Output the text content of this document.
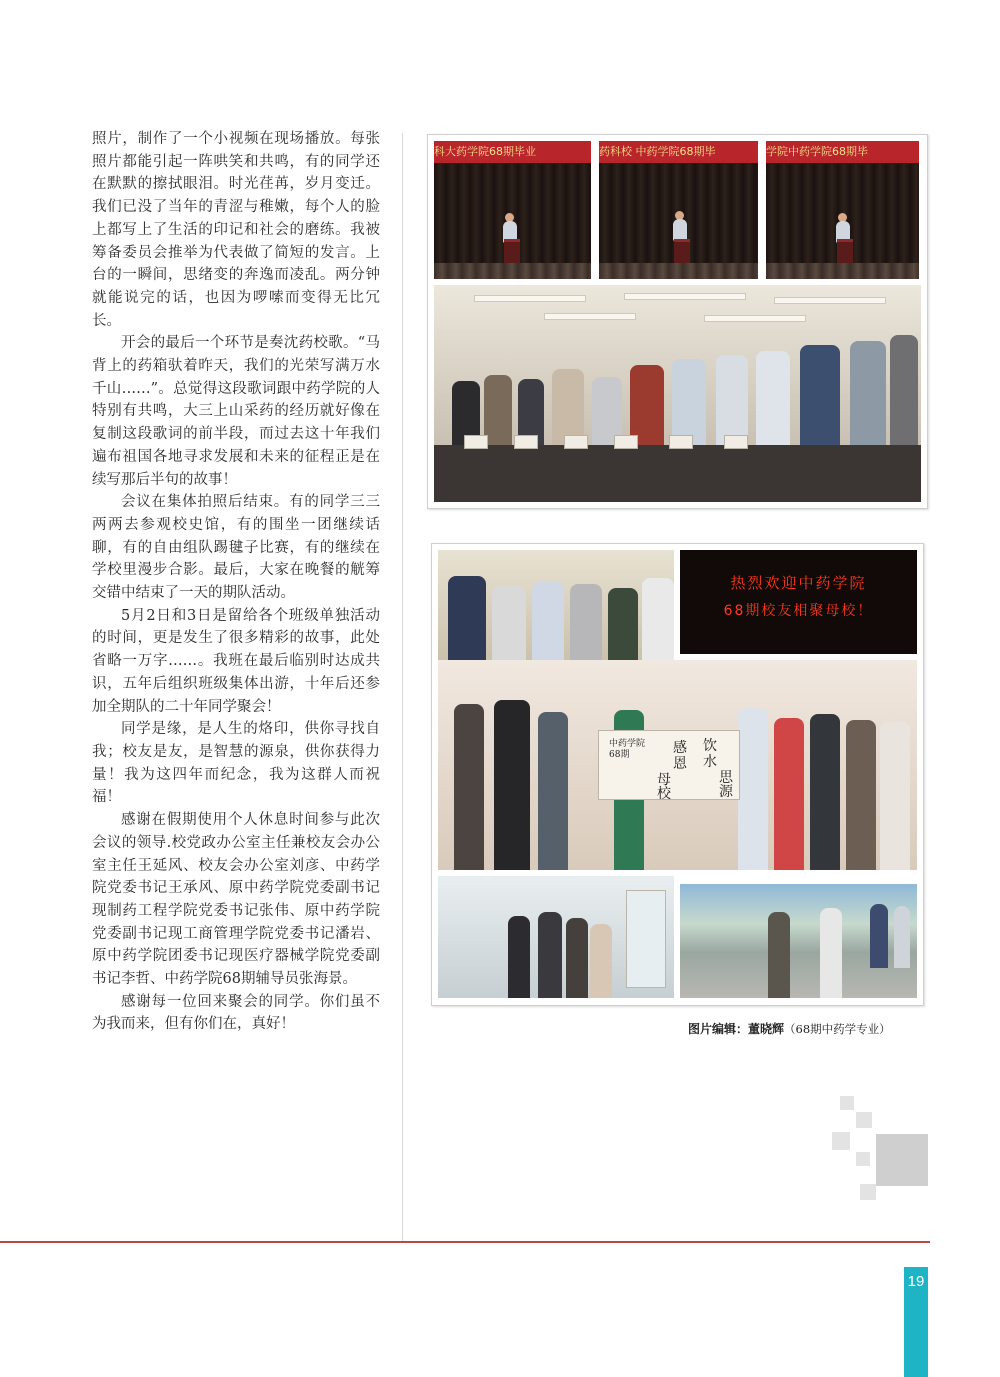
照片，制作了一个小视频在现场播放。每张照片都能引起一阵哄笑和共鸣，有的同学还在默默的擦拭眼泪。时光荏苒，岁月变迁。我们已没了当年的青涩与稚嫩，每个人的脸上都写上了生活的印记和社会的磨练。我被筹备委员会推举为代表做了简短的发言。上台的一瞬间，思绪变的奔逸而凌乱。两分钟就能说完的话，也因为啰嗦而变得无比冗长。

开会的最后一个环节是奏沈药校歌。“马背上的药箱驮着昨天，我们的光荣写满万水千山……”。总觉得这段歌词跟中药学院的人特别有共鸣，大三上山采药的经历就好像在复制这段歌词的前半段，而过去这十年我们遍布祖国各地寻求发展和未来的征程正是在续写那后半句的故事！

会议在集体拍照后结束。有的同学三三两两去参观校史馆，有的围坐一团继续话聊，有的自由组队踢毽子比赛，有的继续在学校里漫步合影。最后，大家在晚餐的觥筹交错中结束了一天的期队活动。

5月2日和3日是留给各个班级单独活动的时间，更是发生了很多精彩的故事，此处省略一万字……。我班在最后临别时达成共识，五年后组织班级集体出游，十年后还参加全期队的二十年同学聚会！

同学是缘，是人生的烙印，供你寻找自我；校友是友，是智慧的源泉，供你获得力量！我为这四年而纪念，我为这群人而祝福！

感谢在假期使用个人休息时间参与此次会议的领导.校党政办公室主任兼校友会办公室主任王延风、校友会办公室刘彦、中药学院党委书记王承风、原中药学院党委副书记现制药工程学院党委书记张伟、原中药学院党委副书记现工商管理学院党委书记潘岩、原中药学院团委书记现医疗器械学院党委副书记李哲、中药学院68期辅导员张海景。

感谢每一位回来聚会的同学。你们虽不为我而来，但有你们在，真好！

科大药学院68期毕业	药科校 中药学院68期毕	学院中药学院68期毕
热烈欢迎中药学院
68期校友相聚母校！
饮
水
思
源
感
恩
母
校
中药学院68期
图片编辑：董晓辉（68期中药学专业）
19
